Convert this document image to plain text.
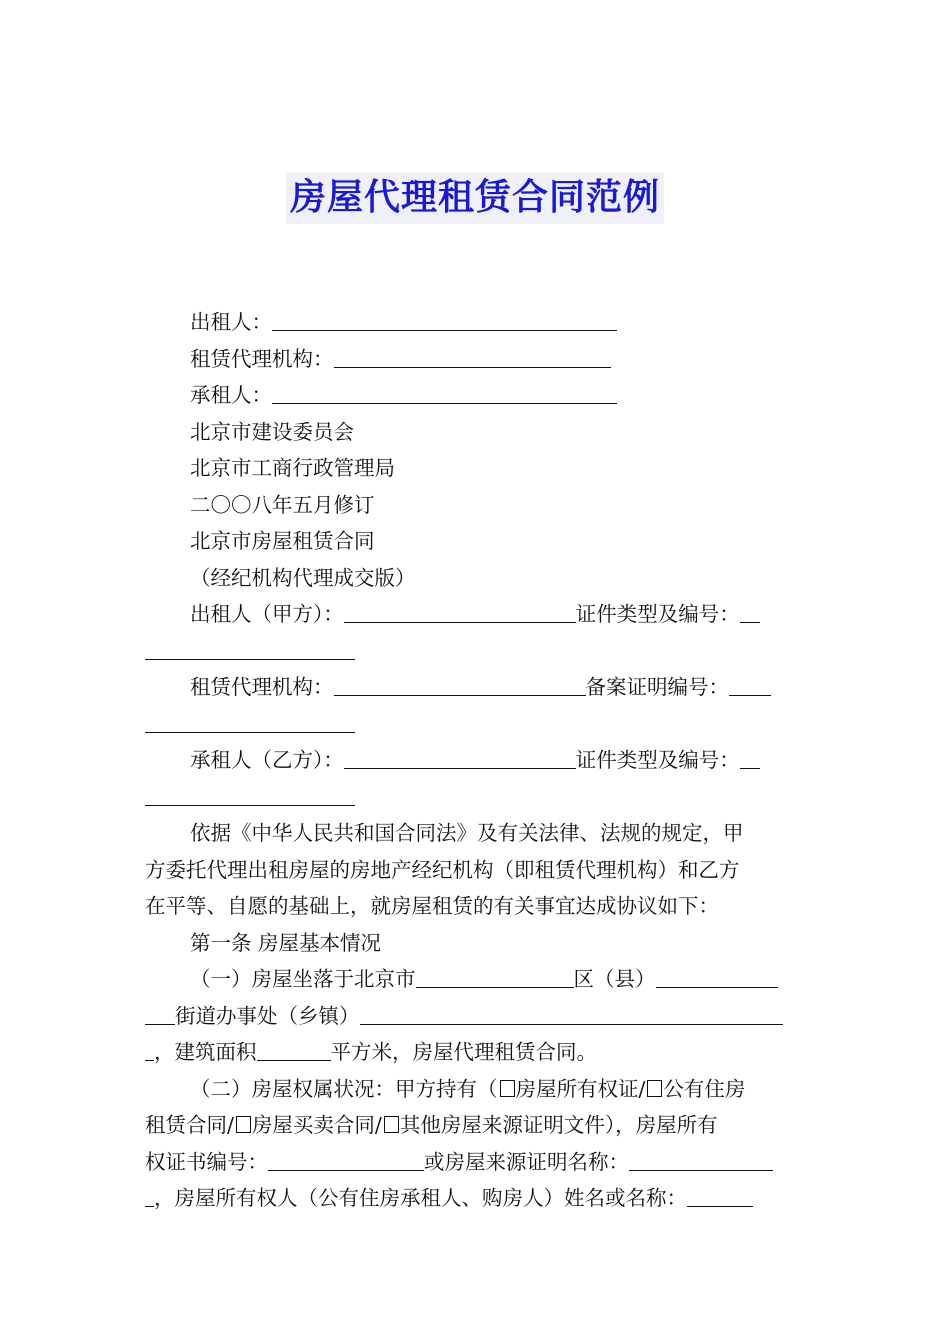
房屋代理租赁合同范例
出租人：
租赁代理机构：
承租人：
北京市建设委员会
北京市工商行政管理局
二〇〇八年五月修订
北京市房屋租赁合同
（经纪机构代理成交版）
出租人（甲方）：	证件类型及编号：
租赁代理机构：	备案证明编号：
承租人（乙方）：	证件类型及编号：
依据《中华人民共和国合同法》及有关法律、法规的规定，甲
方委托代理出租房屋的房地产经纪机构（即租赁代理机构）和乙方
在平等、自愿的基础上，就房屋租赁的有关事宜达成协议如下：
第一条 房屋基本情况
（一）房屋坐落于北京市	区（县）
街道办事处（乡镇）
，建筑面积	平方米，房屋代理租赁合同。
（二）房屋权属状况：甲方持有（ 房屋所有权证/ 公有住房
租赁合同/ 房屋买卖合同/ 其他房屋来源证明文件），房屋所有
权证书编号：	或房屋来源证明名称：
，房屋所有权人（公有住房承租人、购房人）姓名或名称：
